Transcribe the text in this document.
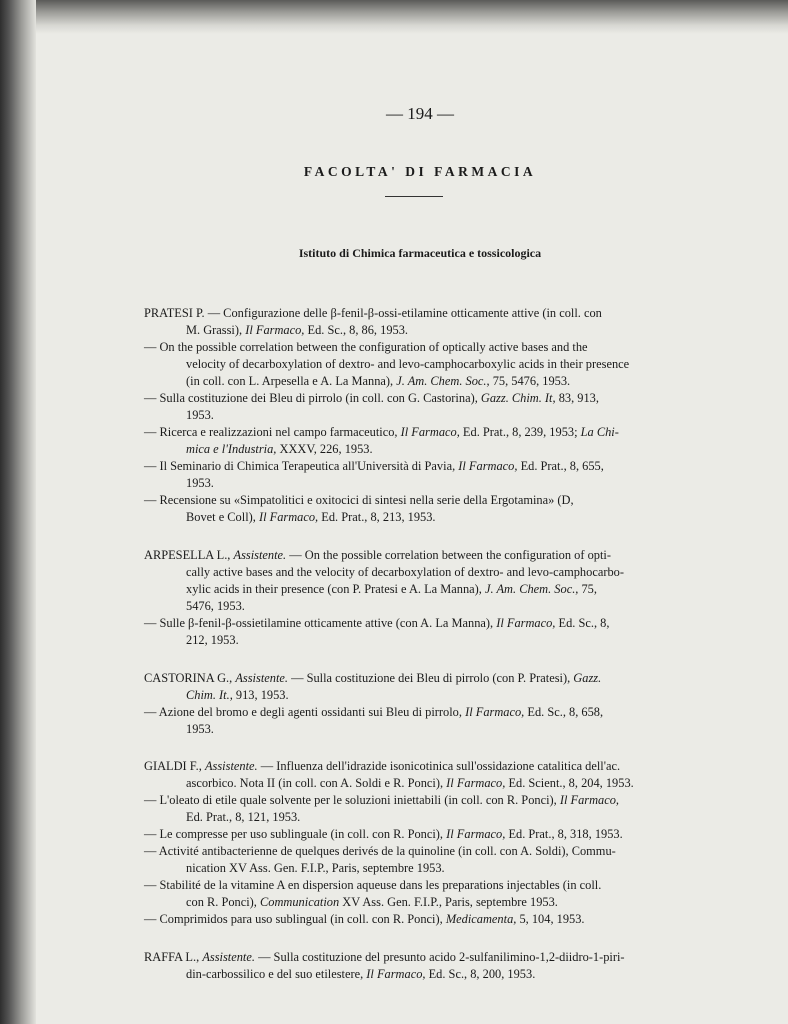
— 194 —
FACOLTA' DI FARMACIA
Istituto di Chimica farmaceutica e tossicologica
PRATESI P. — Configurazione delle β-fenil-β-ossi-etilamine otticamente attive (in coll. con
M. Grassi), Il Farmaco, Ed. Sc., 8, 86, 1953.
— On the possible correlation between the configuration of optically active bases and the
velocity of decarboxylation of dextro- and levo-camphocarboxylic acids in their presence
(in coll. con L. Arpesella e A. La Manna), J. Am. Chem. Soc., 75, 5476, 1953.
— Sulla costituzione dei Bleu di pirrolo (in coll. con G. Castorina), Gazz. Chim. It, 83, 913,
1953.
— Ricerca e realizzazioni nel campo farmaceutico, Il Farmaco, Ed. Prat., 8, 239, 1953; La Chi-
mica e l'Industria, XXXV, 226, 1953.
— Il Seminario di Chimica Terapeutica all'Università di Pavia, Il Farmaco, Ed. Prat., 8, 655,
1953.
— Recensione su «Simpatolitici e oxitocici di sintesi nella serie della Ergotamina» (D,
Bovet e Coll), Il Farmaco, Ed. Prat., 8, 213, 1953.
ARPESELLA L., Assistente. — On the possible correlation between the configuration of opti-
cally active bases and the velocity of decarboxylation of dextro- and levo-camphocarbo-
xylic acids in their presence (con P. Pratesi e A. La Manna), J. Am. Chem. Soc., 75,
5476, 1953.
— Sulle β-fenil-β-ossietilamine otticamente attive (con A. La Manna), Il Farmaco, Ed. Sc., 8,
212, 1953.
CASTORINA G., Assistente. — Sulla costituzione dei Bleu di pirrolo (con P. Pratesi), Gazz.
Chim. It., 913, 1953.
— Azione del bromo e degli agenti ossidanti sui Bleu di pirrolo, Il Farmaco, Ed. Sc., 8, 658,
1953.
GIALDI F., Assistente. — Influenza dell'idrazide isonicotinica sull'ossidazione catalitica dell'ac.
ascorbico. Nota II (in coll. con A. Soldi e R. Ponci), Il Farmaco, Ed. Scient., 8, 204, 1953.
— L'oleato di etile quale solvente per le soluzioni iniettabili (in coll. con R. Ponci), Il Farmaco,
Ed. Prat., 8, 121, 1953.
— Le compresse per uso sublinguale (in coll. con R. Ponci), Il Farmaco, Ed. Prat., 8, 318, 1953.
— Activité antibacterienne de quelques derivés de la quinoline (in coll. con A. Soldi), Commu-
nication XV Ass. Gen. F.I.P., Paris, septembre 1953.
— Stabilité de la vitamine A en dispersion aqueuse dans les preparations injectables (in coll.
con R. Ponci), Communication XV Ass. Gen. F.I.P., Paris, septembre 1953.
— Comprimidos para uso sublingual (in coll. con R. Ponci), Medicamenta, 5, 104, 1953.
RAFFA L., Assistente. — Sulla costituzione del presunto acido 2-sulfanilimino-1,2-diidro-1-piri-
din-carbossilico e del suo etilestere, Il Farmaco, Ed. Sc., 8, 200, 1953.
